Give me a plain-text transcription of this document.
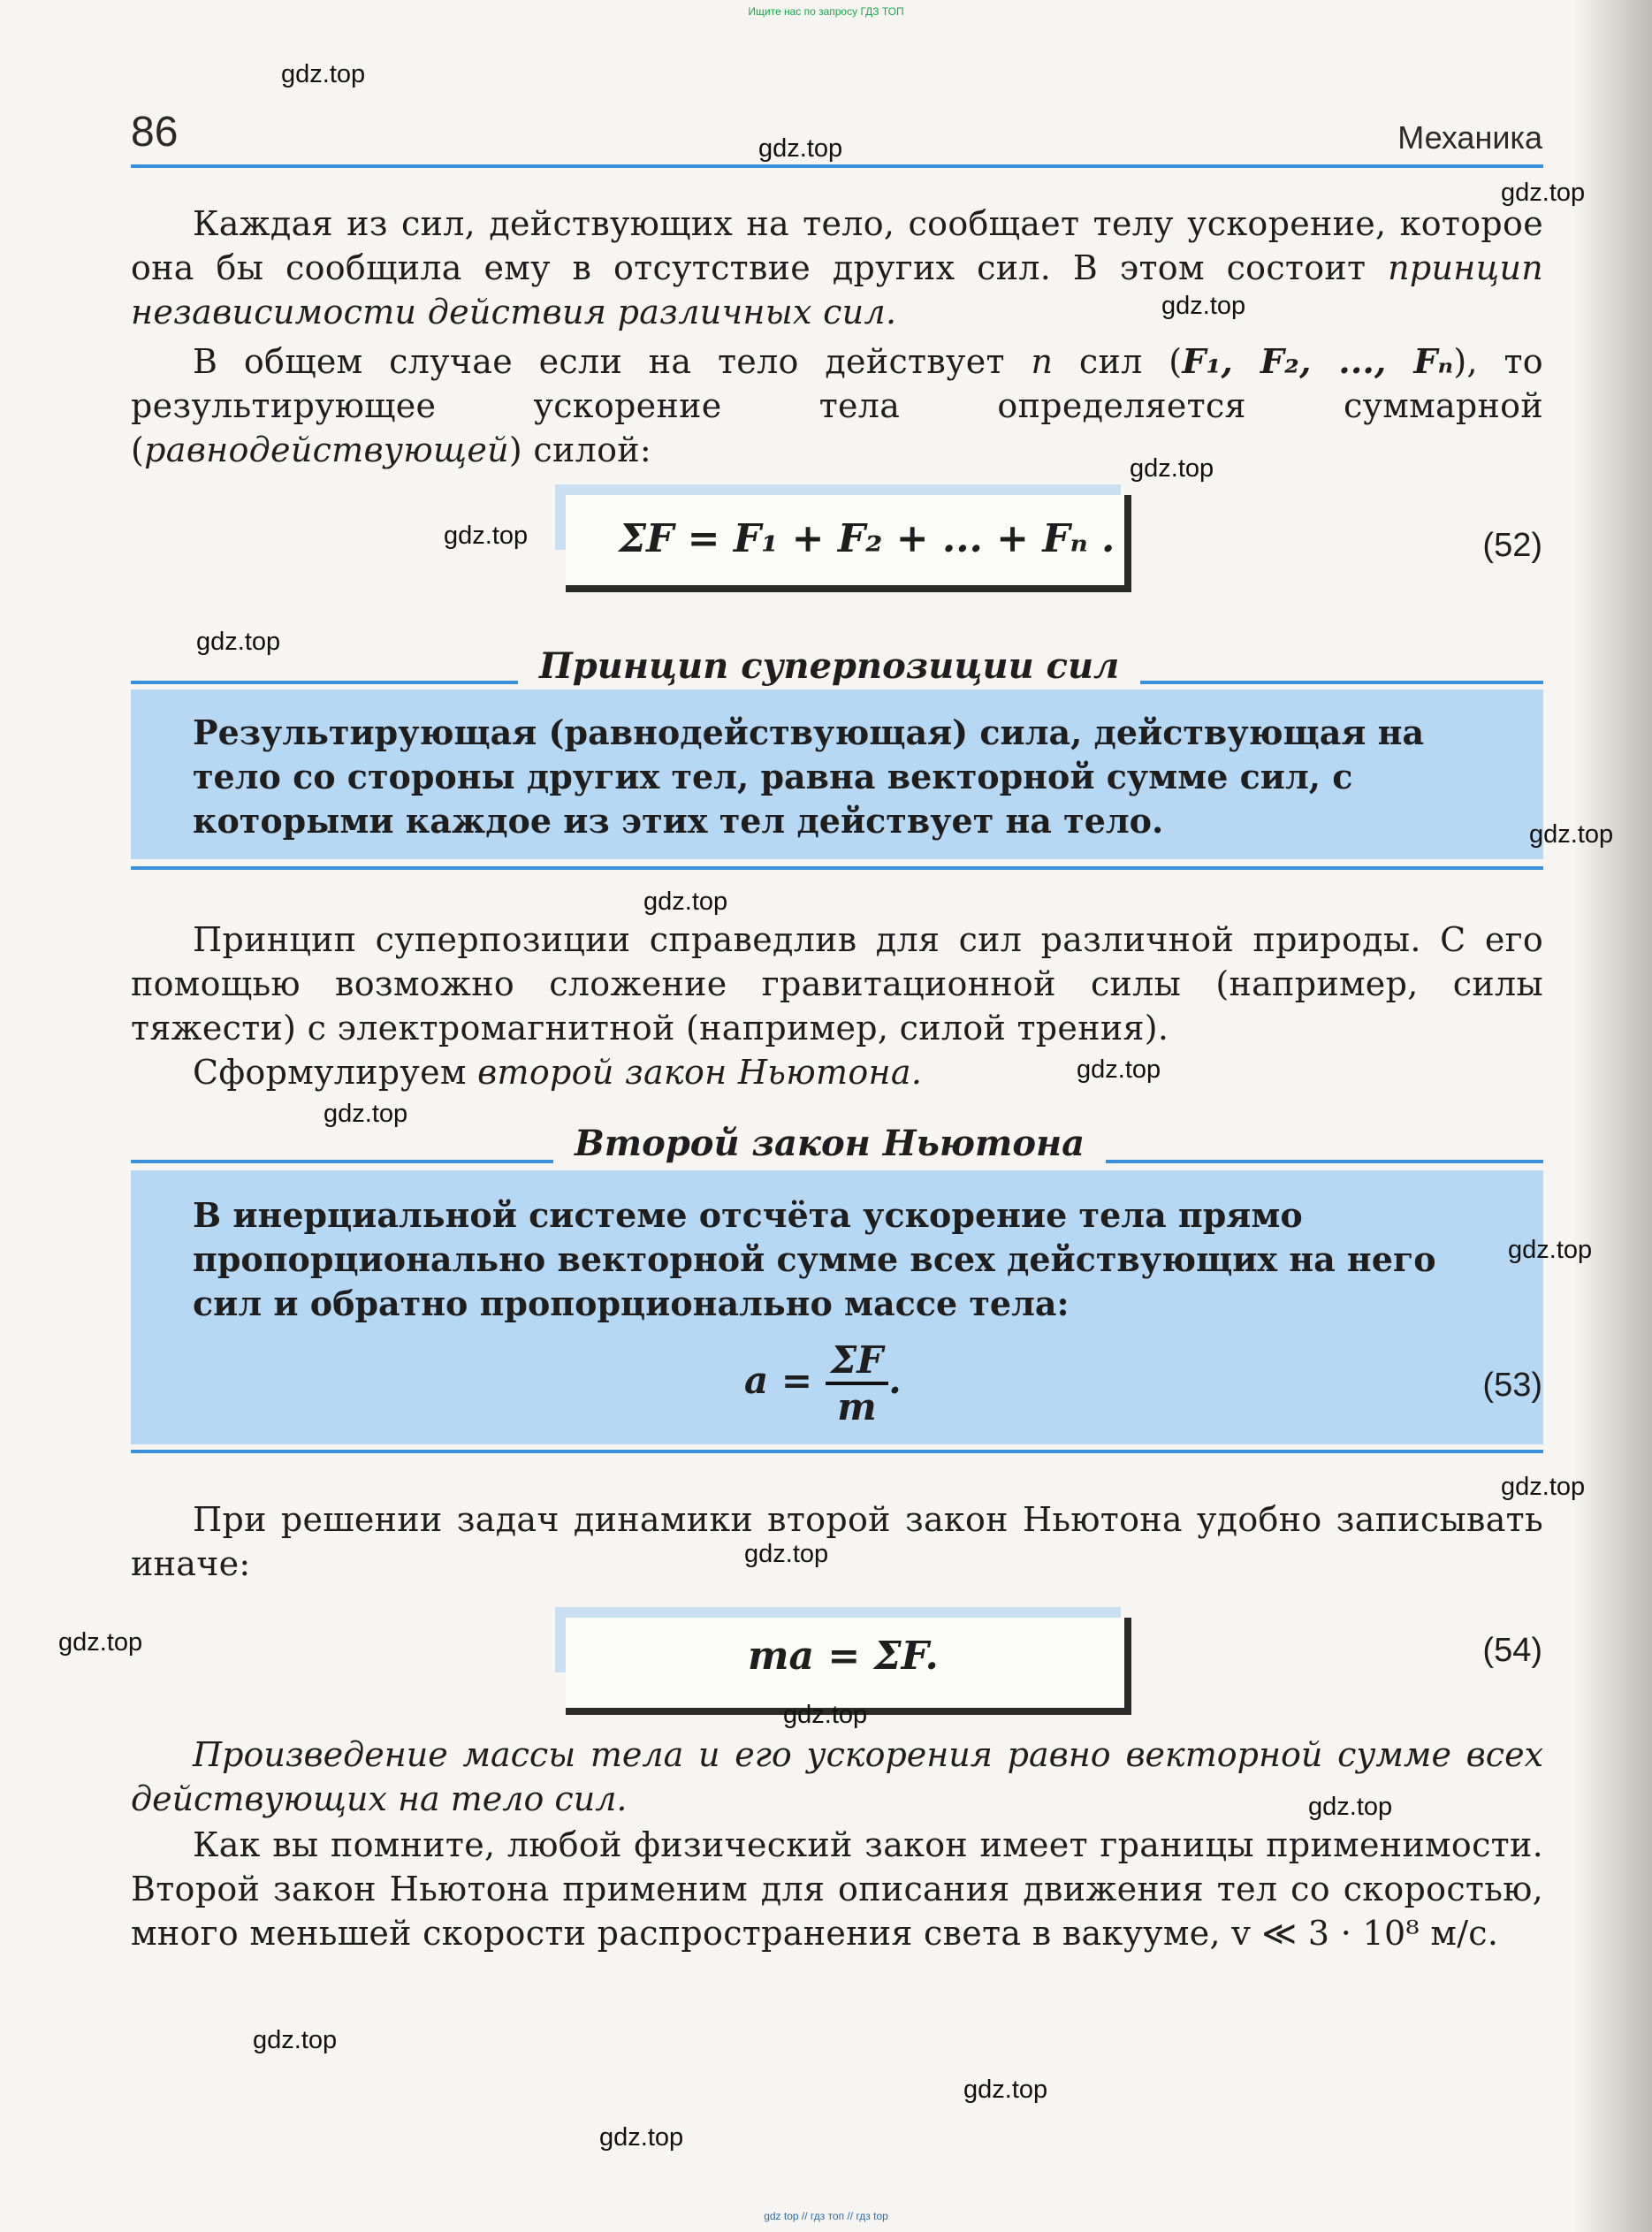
Ищите нас по запросу ГДЗ ТОП
86	Механика
Каждая из сил, действующих на тело, сообщает телу ускорение, которое она бы сообщила ему в отсутствие других сил. В этом состоит принцип независимости действия различных сил.
В общем случае если на тело действует n сил (F₁, F₂, ..., Fₙ), то результирующее ускорение тела определяется суммарной (равнодействующей) силой:
ΣF = F₁ + F₂ + ... + Fₙ .	(52)
Принцип суперпозиции сил
Результирующая (равнодействующая) сила, действующая на тело со стороны других тел, равна векторной сумме сил, с которыми каждое из этих тел действует на тело.
Принцип суперпозиции справедлив для сил различной природы. С его помощью возможно сложение гравитационной силы (например, силы тяжести) с электромагнитной (например, силой трения).
Сформулируем второй закон Ньютона.
Второй закон Ньютона
В инерциальной системе отсчёта ускорение тела прямо пропорционально векторной сумме всех действующих на него сил и обратно пропорционально массе тела:
$a = \frac{\Sigma F}{m}$ .	(53)
При решении задач динамики второй закон Ньютона удобно записывать иначе:
ma = ΣF.	(54)
Произведение массы тела и его ускорения равно векторной сумме всех действующих на тело сил.
Как вы помните, любой физический закон имеет границы применимости. Второй закон Ньютона применим для описания движения тел со скоростью, много меньшей скорости распространения света в вакууме, v ≪ 3 · 10⁸ м/с.
gdz.top
gdz.top
gdz.top
gdz.top
gdz.top
gdz.top
gdz.top
gdz.top
gdz.top
gdz.top
gdz.top
gdz.top
gdz.top
gdz.top
gdz.top
gdz.top
gdz.top
gdz.top
gdz.top
gdz.top
gdz top // гдз топ // гдз top
